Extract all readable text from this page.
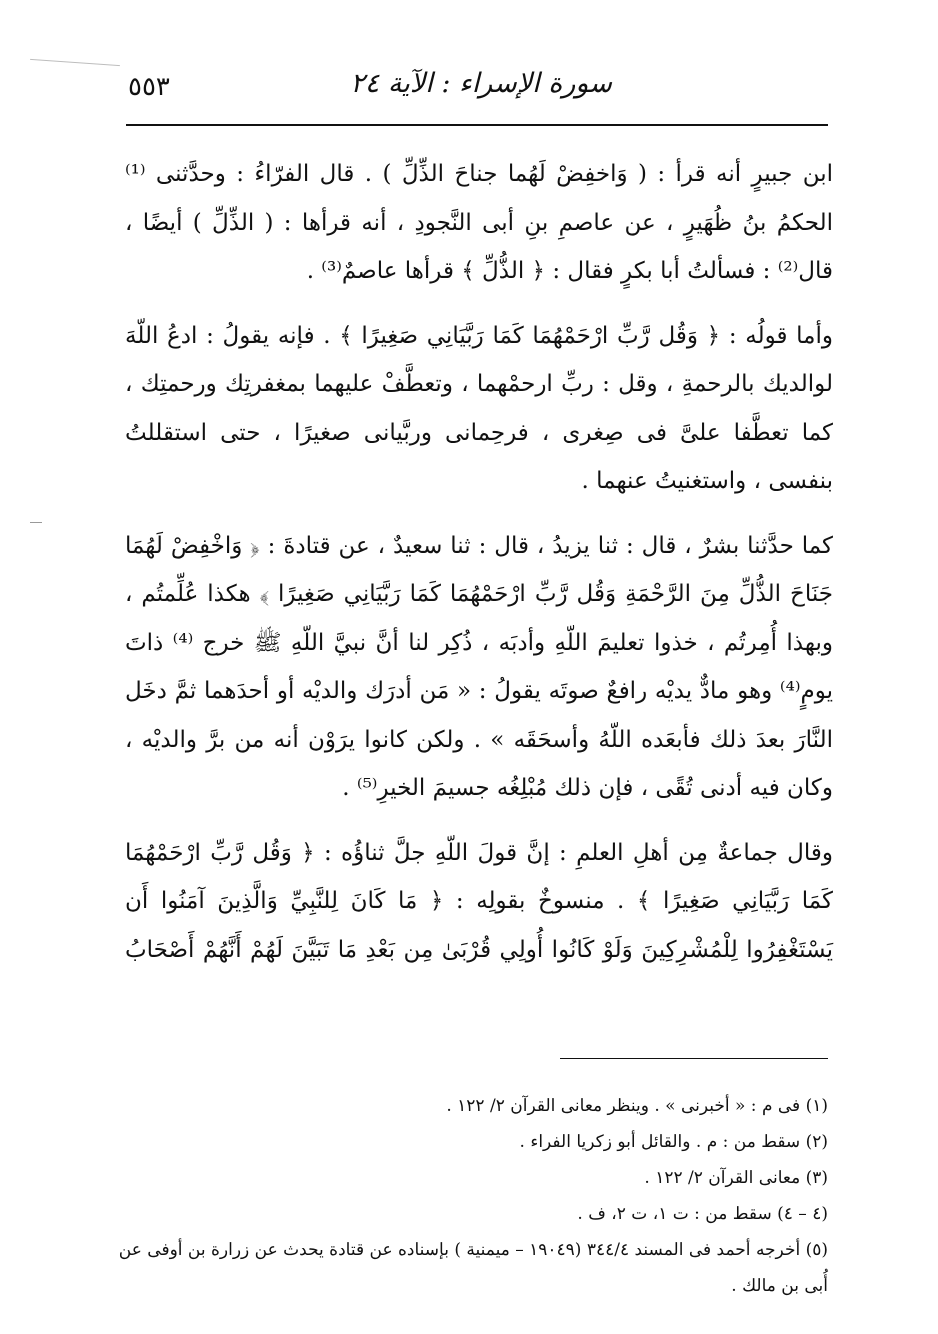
٥٥٣	سورة الإسراء : الآية ٢٤

ابن جبيرٍ أنه قرأ : ( وَاخفِضْ لَهُما جناحَ الذِّلِّ ) . قال الفرّاءُ : وحدَّثنى ⁽¹⁾ الحكمُ بنُ ظُهَيرٍ ، عن عاصمِ بنِ أبى النَّجودِ ، أنه قرأها : ( الذِّلِّ ) أيضًا ، قال⁽²⁾ : فسألتُ أبا بكرٍ فقال : ﴿ الذُّلِّ ﴾ قرأها عاصمٌ⁽³⁾ .

وأما قولُه : ﴿ وَقُل رَّبِّ ارْحَمْهُمَا كَمَا رَبَّيَانِي صَغِيرًا ﴾ . فإنه يقولُ : ادعُ اللّهَ لوالديك بالرحمةِ ، وقل : ربِّ ارحمْهما ، وتعطَّفْ عليهما بمغفرتِك ورحمتِك ، كما تعطَّفا علىَّ فى صِغرى ، فرحِمانى وربَّيانى صغيرًا ، حتى استقللتُ بنفسى ، واستغنيتُ عنهما .

كما حدَّثنا بشرٌ ، قال : ثنا يزيدُ ، قال : ثنا سعيدٌ ، عن قتادةَ : ﴿ وَاخْفِضْ لَهُمَا جَنَاحَ الذُّلِّ مِنَ الرَّحْمَةِ وَقُل رَّبِّ ارْحَمْهُمَا كَمَا رَبَّيَانِي صَغِيرًا ﴾ هكذا عُلِّمتُم ، وبهذا أُمِرتُم ، خذوا تعليمَ اللّهِ وأدبَه ، ذُكِر لنا أنَّ نبيَّ اللّهِ ﷺ خرج ⁽⁴⁾ ذاتَ يومٍ⁽⁴⁾ وهو مادٌّ يديْه رافعٌ صوتَه يقولُ : « مَن أدرَك والديْه أو أحدَهما ثمَّ دخَل النَّارَ بعدَ ذلك فأبعَده اللّهُ وأسحَقَه » . ولكن كانوا يرَوْن أنه من برَّ والديْه ، وكان فيه أدنى تُقًى ، فإن ذلك مُبْلِغُه جسيمَ الخيرِ⁽⁵⁾ .

وقال جماعةٌ مِن أهلِ العلمِ : إنَّ قولَ اللّهِ جلَّ ثناؤُه : ﴿ وَقُل رَّبِّ ارْحَمْهُمَا كَمَا رَبَّيَانِي صَغِيرًا ﴾ . منسوخٌ بقولِه : ﴿ مَا كَانَ لِلنَّبِيِّ وَالَّذِينَ آمَنُوا أَن يَسْتَغْفِرُوا لِلْمُشْرِكِينَ وَلَوْ كَانُوا أُولِي قُرْبَىٰ مِن بَعْدِ مَا تَبَيَّنَ لَهُمْ أَنَّهُمْ أَصْحَابُ

(١) فى م : « أخبرنى » . وينظر معانى القرآن ٢/ ١٢٢ .

(٢) سقط من : م . والقائل أبو زكريا الفراء .

(٣) معانى القرآن ٢/ ١٢٢ .

(٤ – ٤) سقط من : ت ١، ت ٢، ف .

(٥) أخرجه أحمد فى المسند ٣٤٤/٤ (١٩٠٤٩ – ميمنية ) بإسناده عن قتادة يحدث عن زرارة بن أوفى عن أُبى بن مالك .
